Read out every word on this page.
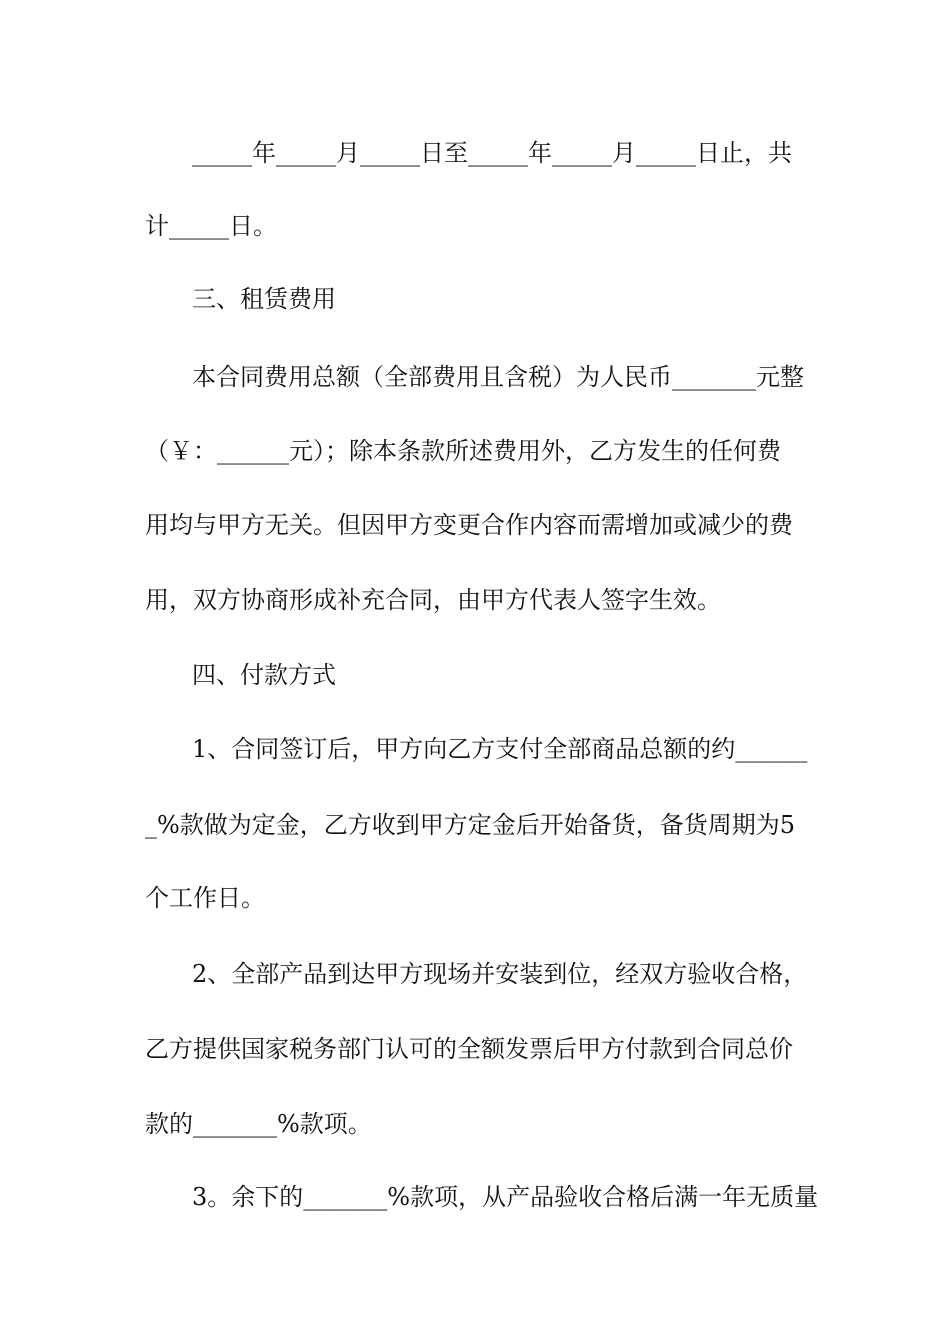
_____年_____月_____日至_____年_____月_____日止，共

计_____日。

三、租赁费用

本合同费用总额（全部费用且含税）为人民币_______元整

（￥：______元）；除本条款所述费用外，乙方发生的任何费

用均与甲方无关。但因甲方变更合作内容而需增加或减少的费

用，双方协商形成补充合同，由甲方代表人签字生效。

四、付款方式

1、合同签订后，甲方向乙方支付全部商品总额的约______

_%款做为定金，乙方收到甲方定金后开始备货，备货周期为5

个工作日。

2、全部产品到达甲方现场并安装到位，经双方验收合格，

乙方提供国家税务部门认可的全额发票后甲方付款到合同总价

款的_______%款项。

3。余下的_______%款项，从产品验收合格后满一年无质量
